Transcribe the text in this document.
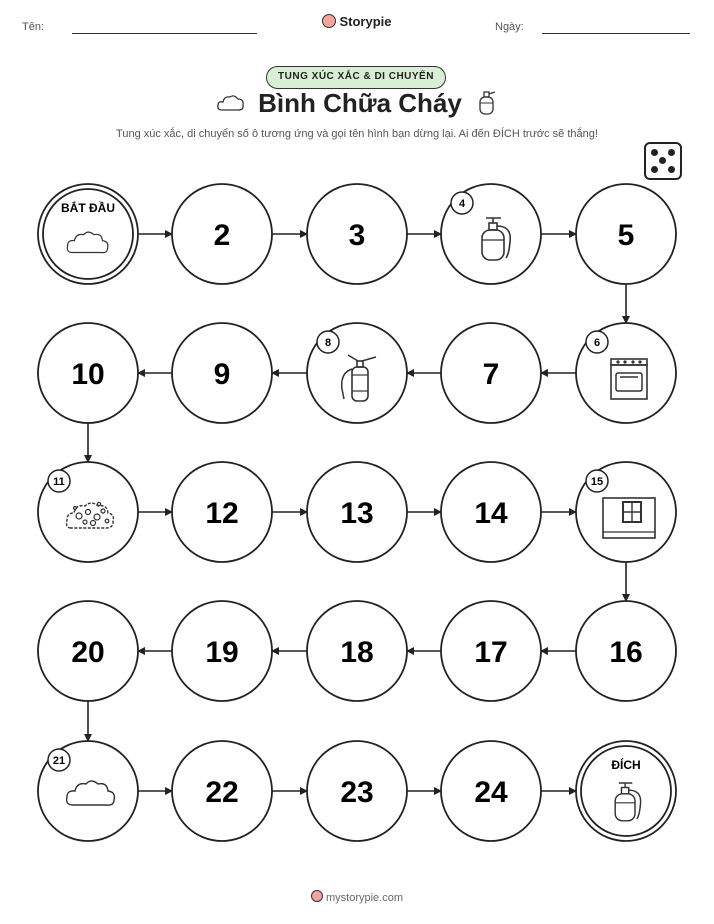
Tên:	Storypie	Ngày:
TUNG XÚC XẮC & DI CHUYỂN
Bình Chữa Cháy
Tung xúc xắc, di chuyển số ô tương ứng và gọi tên hình bạn dừng lại. Ai đến ĐÍCH trước sẽ thắng!
BẮT ĐẦU
2	3
4
5
6
7
8
9
10
11
12	13	14
15
16
17
18
19
20
21
22	23	24
ĐÍCH
mystorypie.com
